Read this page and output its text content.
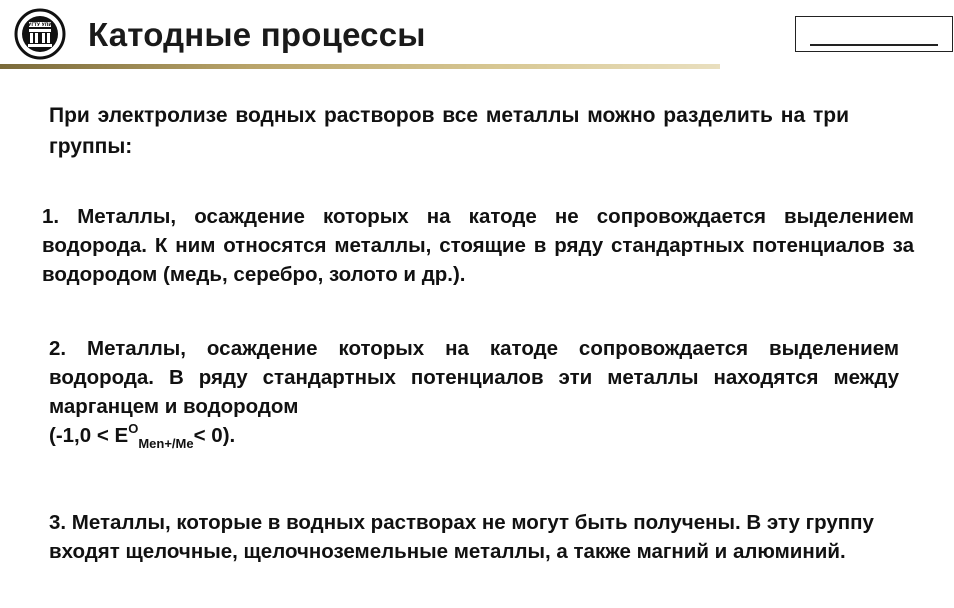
УГТУ УПИ Катодные процессы
При электролизе водных растворов все металлы можно разделить на три группы:
1. Металлы, осаждение которых на катоде не сопровождается выделением водорода. К ним относятся металлы, стоящие в ряду стандартных потенциалов за водородом (медь, серебро, золото и др.).
2. Металлы, осаждение которых на катоде сопровождается выделением водорода. В ряду стандартных потенциалов эти металлы находятся между марганцем и водородом
$(-1,0 < E^O_{Men+/Me}< 0)$.
3. Металлы, которые в водных растворах не могут быть получены. В эту группу входят щелочные, щелочноземельные металлы, а также магний и алюминий.
